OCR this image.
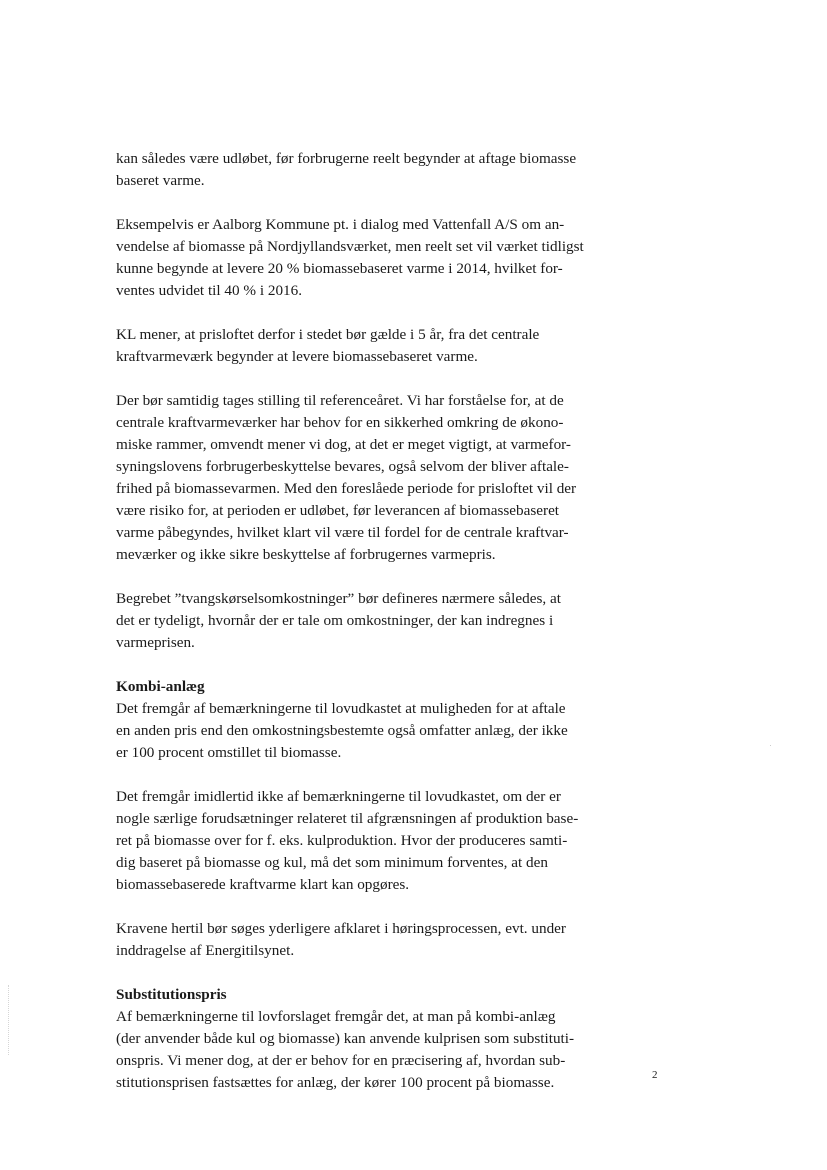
kan således være udløbet, før forbrugerne reelt begynder at aftage biomasse
baseret varme.

Eksempelvis er Aalborg Kommune pt. i dialog med Vattenfall A/S om an-
vendelse af biomasse på Nordjyllandsværket, men reelt set vil værket tidligst
kunne begynde at levere 20 % biomassebaseret varme i 2014, hvilket for-
ventes udvidet til 40 % i 2016.

KL mener, at prisloftet derfor i stedet bør gælde i 5 år, fra det centrale
kraftvarmeværk begynder at levere biomassebaseret varme.

Der bør samtidig tages stilling til referenceåret. Vi har forståelse for, at de
centrale kraftvarmeværker har behov for en sikkerhed omkring de økono-
miske rammer, omvendt mener vi dog, at det er meget vigtigt, at varmefor-
syningslovens forbrugerbeskyttelse bevares, også selvom der bliver aftale-
frihed på biomassevarmen. Med den foreslåede periode for prisloftet vil der
være risiko for, at perioden er udløbet, før leverancen af biomassebaseret
varme påbegyndes, hvilket klart vil være til fordel for de centrale kraftvar-
meværker og ikke sikre beskyttelse af forbrugernes varmepris.

Begrebet ”tvangskørselsomkostninger” bør defineres nærmere således, at
det er tydeligt, hvornår der er tale om omkostninger, der kan indregnes i
varmeprisen.

Kombi-anlæg

Det fremgår af bemærkningerne til lovudkastet at muligheden for at aftale
en anden pris end den omkostningsbestemte også omfatter anlæg, der ikke
er 100 procent omstillet til biomasse.

Det fremgår imidlertid ikke af bemærkningerne til lovudkastet, om der er
nogle særlige forudsætninger relateret til afgrænsningen af produktion base-
ret på biomasse over for f. eks. kulproduktion. Hvor der produceres samti-
dig baseret på biomasse og kul, må det som minimum forventes, at den
biomassebaserede kraftvarme klart kan opgøres.

Kravene hertil bør søges yderligere afklaret i høringsprocessen, evt. under
inddragelse af Energitilsynet.

Substitutionspris

Af bemærkningerne til lovforslaget fremgår det, at man på kombi-anlæg
(der anvender både kul og biomasse) kan anvende kulprisen som substituti-
onspris. Vi mener dog, at der er behov for en præcisering af, hvordan sub-
stitutionsprisen fastsættes for anlæg, der kører 100 procent på biomasse.	2
